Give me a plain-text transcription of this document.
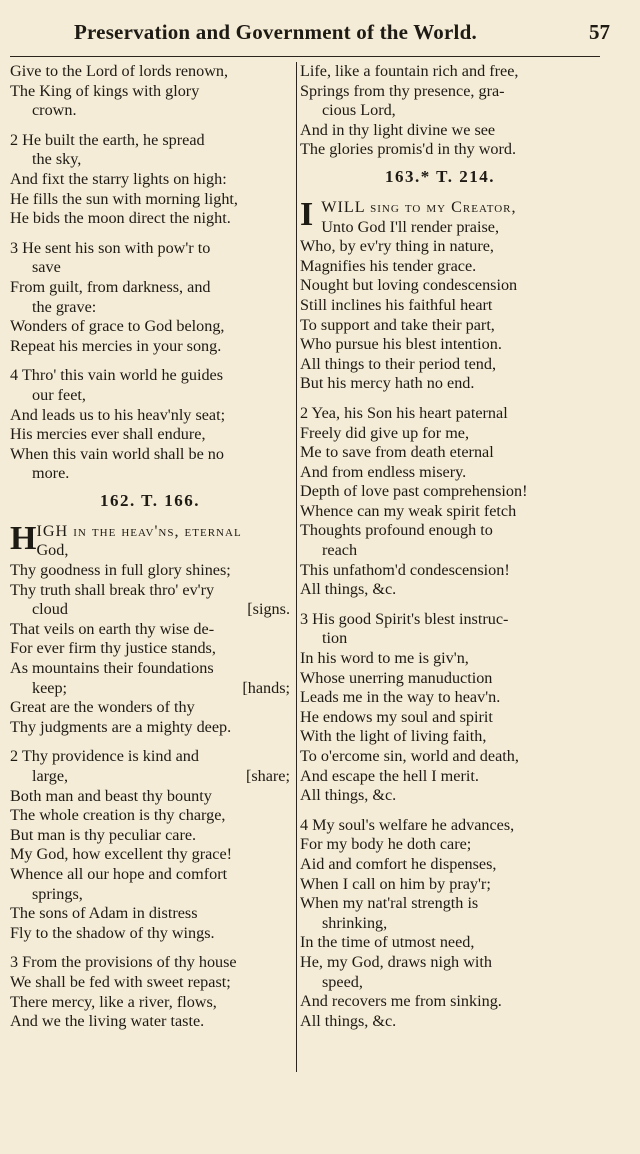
Preservation and Government of the World.	57
Give to the Lord of lords renown,
The King of kings with glory
crown.
2 He built the earth, he spread
the sky,
And fixt the starry lights on high:
He fills the sun with morning light,
He bids the moon direct the night.
3 He sent his son with pow'r to
save
From guilt, from darkness, and
the grave:
Wonders of grace to God belong,
Repeat his mercies in your song.
4 Thro' this vain world he guides
our feet,
And leads us to his heav'nly seat;
His mercies ever shall endure,
When this vain world shall be no
more.
162. T. 166.
HIGH in the heav'ns, eternal
God,
Thy goodness in full glory shines;
Thy truth shall break thro' ev'ry
cloud	[signs.
That veils on earth thy wise de-
For ever firm thy justice stands,
As mountains their foundations
keep;	[hands;
Great are the wonders of thy
Thy judgments are a mighty deep.
2 Thy providence is kind and
large,	[share;
Both man and beast thy bounty
The whole creation is thy charge,
But man is thy peculiar care.
My God, how excellent thy grace!
Whence all our hope and comfort
springs,
The sons of Adam in distress
Fly to the shadow of thy wings.
3 From the provisions of thy house
We shall be fed with sweet repast;
There mercy, like a river, flows,
And we the living water taste.
Life, like a fountain rich and free,
Springs from thy presence, gra-
cious Lord,
And in thy light divine we see
The glories promis'd in thy word.
163.* T. 214.
IWILL sing to my Creator,
Unto God I'll render praise,
Who, by ev'ry thing in nature,
Magnifies his tender grace.
Nought but loving condescension
Still inclines his faithful heart
To support and take their part,
Who pursue his blest intention.
All things to their period tend,
But his mercy hath no end.
2 Yea, his Son his heart paternal
Freely did give up for me,
Me to save from death eternal
And from endless misery.
Depth of love past comprehension!
Whence can my weak spirit fetch
Thoughts profound enough to
reach
This unfathom'd condescension!
All things, &c.
3 His good Spirit's blest instruc-
tion
In his word to me is giv'n,
Whose unerring manuduction
Leads me in the way to heav'n.
He endows my soul and spirit
With the light of living faith,
To o'ercome sin, world and death,
And escape the hell I merit.
All things, &c.
4 My soul's welfare he advances,
For my body he doth care;
Aid and comfort he dispenses,
When I call on him by pray'r;
When my nat'ral strength is
shrinking,
In the time of utmost need,
He, my God, draws nigh with
speed,
And recovers me from sinking.
All things, &c.
